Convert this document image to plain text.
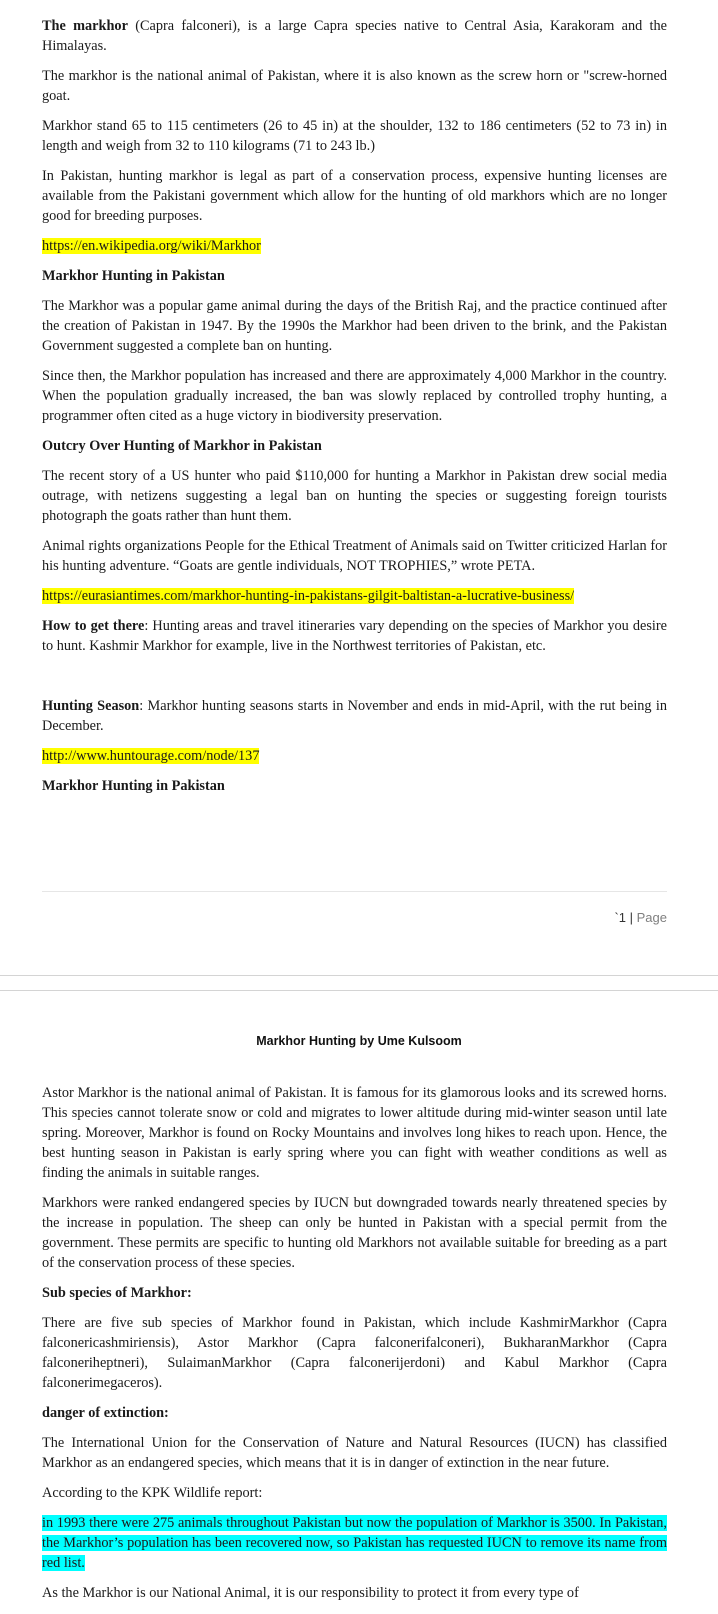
The markhor (Capra falconeri), is a large Capra species native to Central Asia, Karakoram and the Himalayas.

The markhor is the national animal of Pakistan, where it is also known as the screw horn or "screw-horned goat.

Markhor stand 65 to 115 centimeters (26 to 45 in) at the shoulder, 132 to 186 centimeters (52 to 73 in) in length and weigh from 32 to 110 kilograms (71 to 243 lb.)

In Pakistan, hunting markhor is legal as part of a conservation process, expensive hunting licenses are available from the Pakistani government which allow for the hunting of old markhors which are no longer good for breeding purposes.

https://en.wikipedia.org/wiki/Markhor

Markhor Hunting in Pakistan

The Markhor was a popular game animal during the days of the British Raj, and the practice continued after the creation of Pakistan in 1947. By the 1990s the Markhor had been driven to the brink, and the Pakistan Government suggested a complete ban on hunting.

Since then, the Markhor population has increased and there are approximately 4,000 Markhor in the country. When the population gradually increased, the ban was slowly replaced by controlled trophy hunting, a programmer often cited as a huge victory in biodiversity preservation.

Outcry Over Hunting of Markhor in Pakistan

The recent story of a US hunter who paid $110,000 for hunting a Markhor in Pakistan drew social media outrage, with netizens suggesting a legal ban on hunting the species or suggesting foreign tourists photograph the goats rather than hunt them.

Animal rights organizations People for the Ethical Treatment of Animals said on Twitter criticized Harlan for his hunting adventure. “Goats are gentle individuals, NOT TROPHIES,” wrote PETA.

https://eurasiantimes.com/markhor-hunting-in-pakistans-gilgit-baltistan-a-lucrative-business/

How to get there: Hunting areas and travel itineraries vary depending on the species of Markhor you desire to hunt. Kashmir Markhor for example, live in the Northwest territories of Pakistan, etc.

Hunting Season: Markhor hunting seasons starts in November and ends in mid-April, with the rut being in December.

http://www.huntourage.com/node/137

Markhor Hunting in Pakistan

`1 | Page
Markhor Hunting by Ume Kulsoom

Astor Markhor is the national animal of Pakistan. It is famous for its glamorous looks and its screwed horns. This species cannot tolerate snow or cold and migrates to lower altitude during mid-winter season until late spring. Moreover, Markhor is found on Rocky Mountains and involves long hikes to reach upon. Hence, the best hunting season in Pakistan is early spring where you can fight with weather conditions as well as finding the animals in suitable ranges.

Markhors were ranked endangered species by IUCN but downgraded towards nearly threatened species by the increase in population. The sheep can only be hunted in Pakistan with a special permit from the government. These permits are specific to hunting old Markhors not available suitable for breeding as a part of the conservation process of these species.

Sub species of Markhor:

There are five sub species of Markhor found in Pakistan, which include KashmirMarkhor (Capra falconericashmiriensis), Astor Markhor (Capra falconerifalconeri), BukharanMarkhor (Capra falconeriheptneri), SulaimanMarkhor (Capra falconerijerdoni) and Kabul Markhor (Capra falconerimegaceros).

danger of extinction:

The International Union for the Conservation of Nature and Natural Resources (IUCN) has classified Markhor as an endangered species, which means that it is in danger of extinction in the near future.

According to the KPK Wildlife report:

in 1993 there were 275 animals throughout Pakistan but now the population of Markhor is 3500. In Pakistan, the Markhor’s population has been recovered now, so Pakistan has requested IUCN to remove its name from red list.
